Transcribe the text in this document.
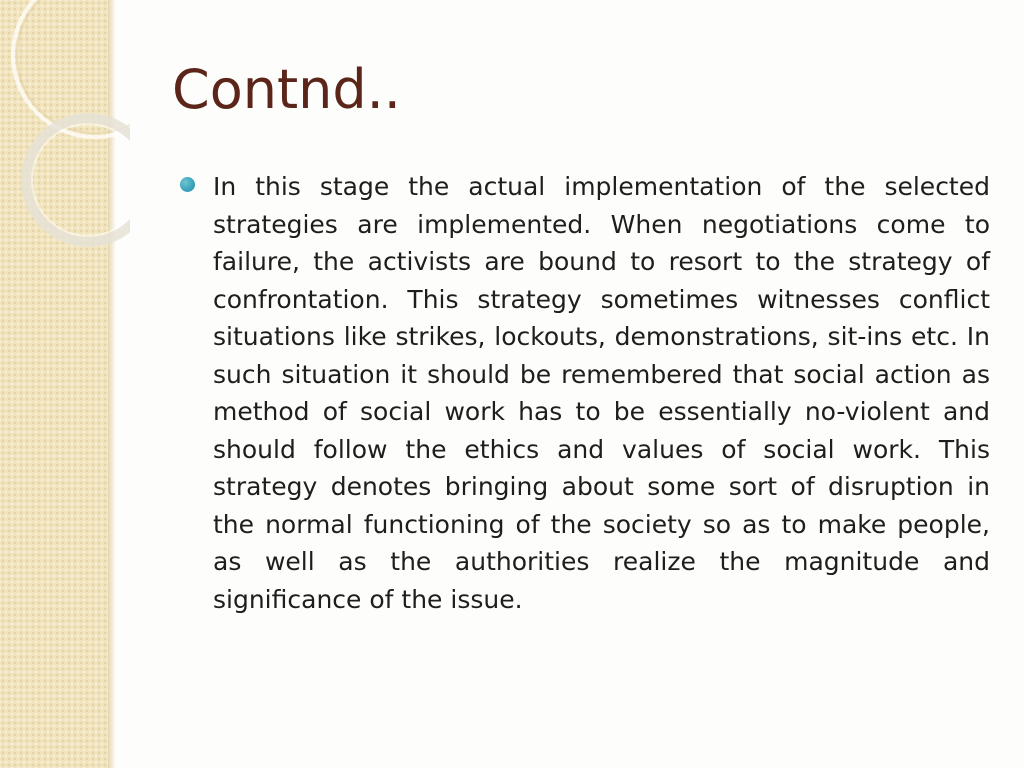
Contnd..

In this stage the actual implementation of the selected strategies are implemented. When negotiations come to failure, the activists are bound to resort to the strategy of confrontation. This strategy sometimes witnesses conflict situations like strikes, lockouts, demonstrations, sit-ins etc. In such situation it should be remembered that social action as method of social work has to be essentially no-violent and should follow the ethics and values of social work. This strategy denotes bringing about some sort of disruption in the normal functioning of the society so as to make people, as well as the authorities realize the magnitude and significance of the issue.
